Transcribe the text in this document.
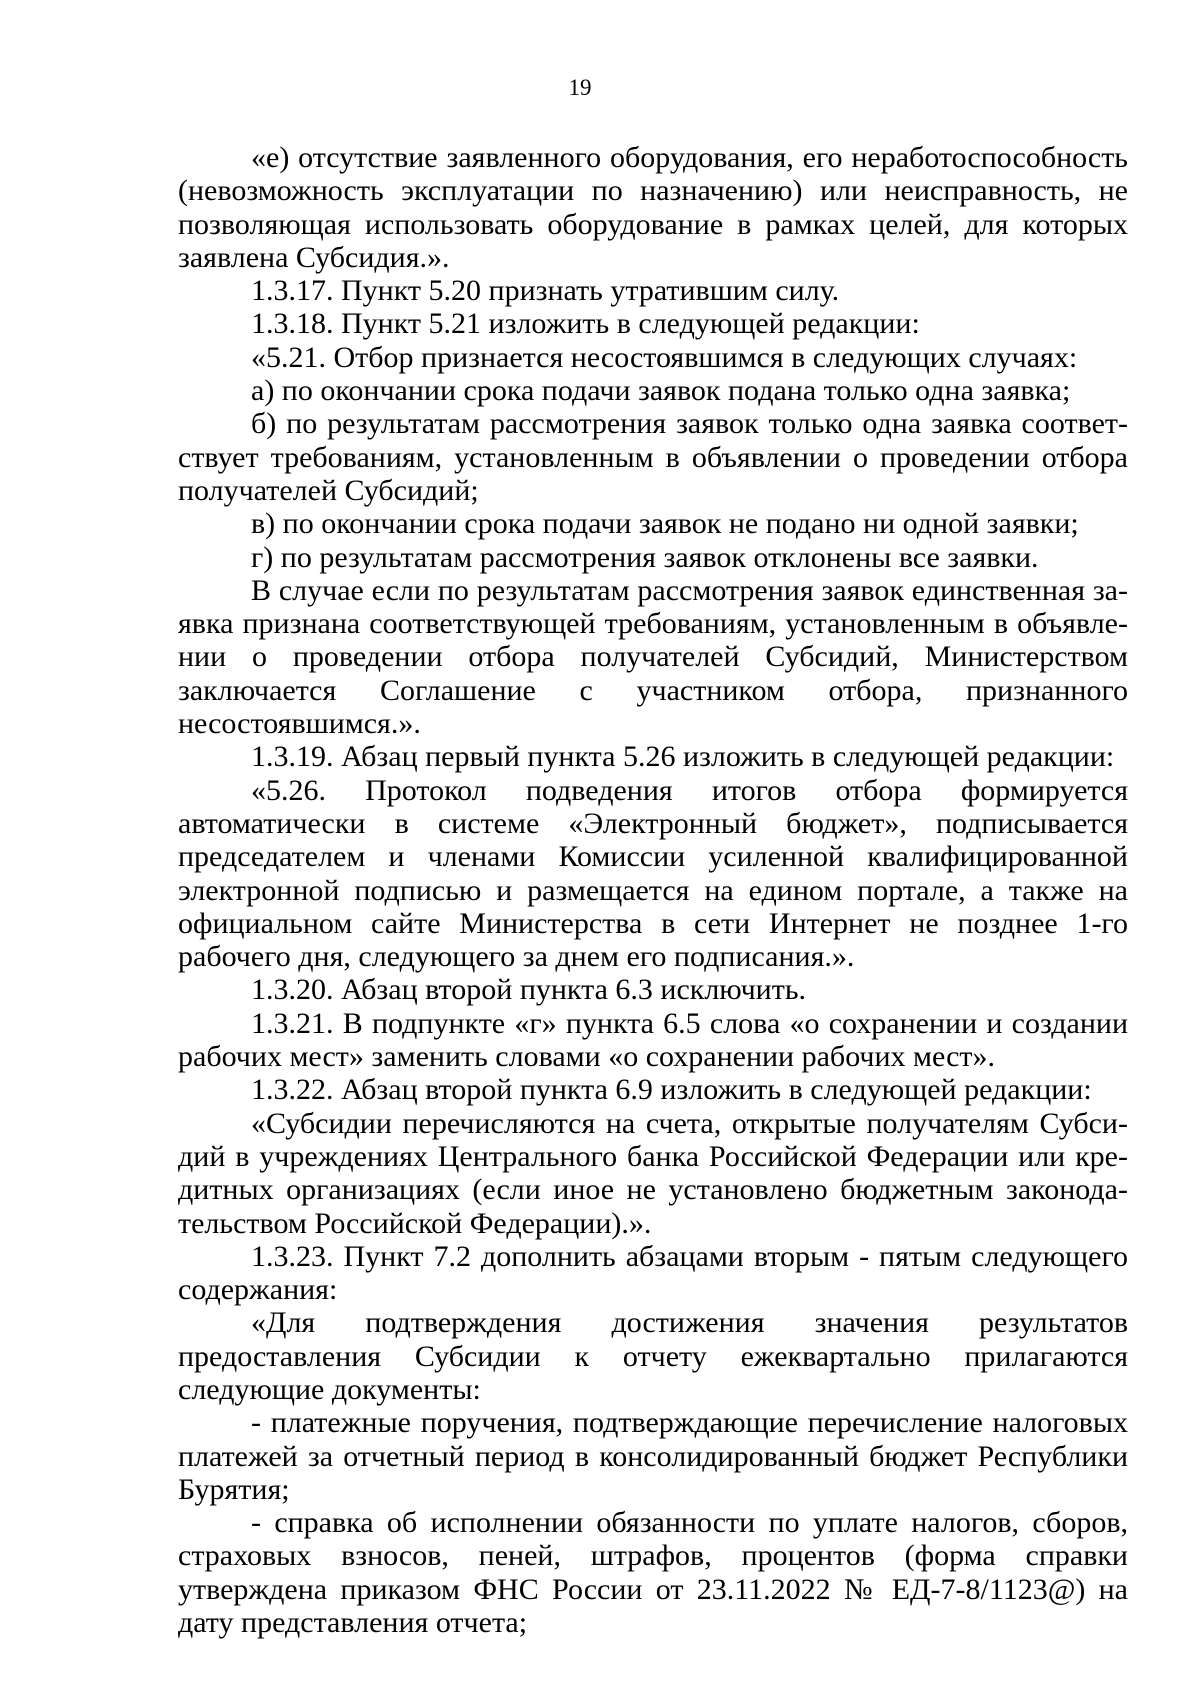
19

«е) отсутствие заявленного оборудования, его неработоспособность (невозможность эксплуатации по назначению) или неисправность, не позволяющая использовать оборудование в рамках целей, для которых заявлена Субсидия.».

1.3.17. Пункт 5.20 признать утратившим силу.

1.3.18. Пункт 5.21 изложить в следующей редакции:

«5.21. Отбор признается несостоявшимся в следующих случаях:

а) по окончании срока подачи заявок подана только одна заявка;

б) по результатам рассмотрения заявок только одна заявка соответствует требованиям, установленным в объявлении о проведении отбора получателей Субсидий;

в) по окончании срока подачи заявок не подано ни одной заявки;

г) по результатам рассмотрения заявок отклонены все заявки.

В случае если по результатам рассмотрения заявок единственная заявка признана соответствующей требованиям, установленным в объявлении о проведении отбора получателей Субсидий, Министерством заключается Соглашение с участником отбора, признанного несостоявшимся.».

1.3.19. Абзац первый пункта 5.26 изложить в следующей редакции:

«5.26. Протокол подведения итогов отбора формируется автоматически в системе «Электронный бюджет», подписывается председателем и членами Комиссии усиленной квалифицированной электронной подписью и размещается на едином портале, а также на официальном сайте Министерства в сети Интернет не позднее 1-го рабочего дня, следующего за днем его подписания.».

1.3.20. Абзац второй пункта 6.3 исключить.

1.3.21. В подпункте «г» пункта 6.5 слова «о сохранении и создании рабочих мест» заменить словами «о сохранении рабочих мест».

1.3.22. Абзац второй пункта 6.9 изложить в следующей редакции:

«Субсидии перечисляются на счета, открытые получателям Субсидий в учреждениях Центрального банка Российской Федерации или кредитных организациях (если иное не установлено бюджетным законодательством Российской Федерации).».

1.3.23. Пункт 7.2 дополнить абзацами вторым - пятым следующего содержания:

«Для подтверждения достижения значения результатов предоставления Субсидии к отчету ежеквартально прилагаются следующие документы:

- платежные поручения, подтверждающие перечисление налоговых платежей за отчетный период в консолидированный бюджет Республики Бурятия;

- справка об исполнении обязанности по уплате налогов, сборов, страховых взносов, пеней, штрафов, процентов (форма справки утверждена приказом ФНС России от 23.11.2022 № ЕД-7-8/1123@) на дату представления отчета;
